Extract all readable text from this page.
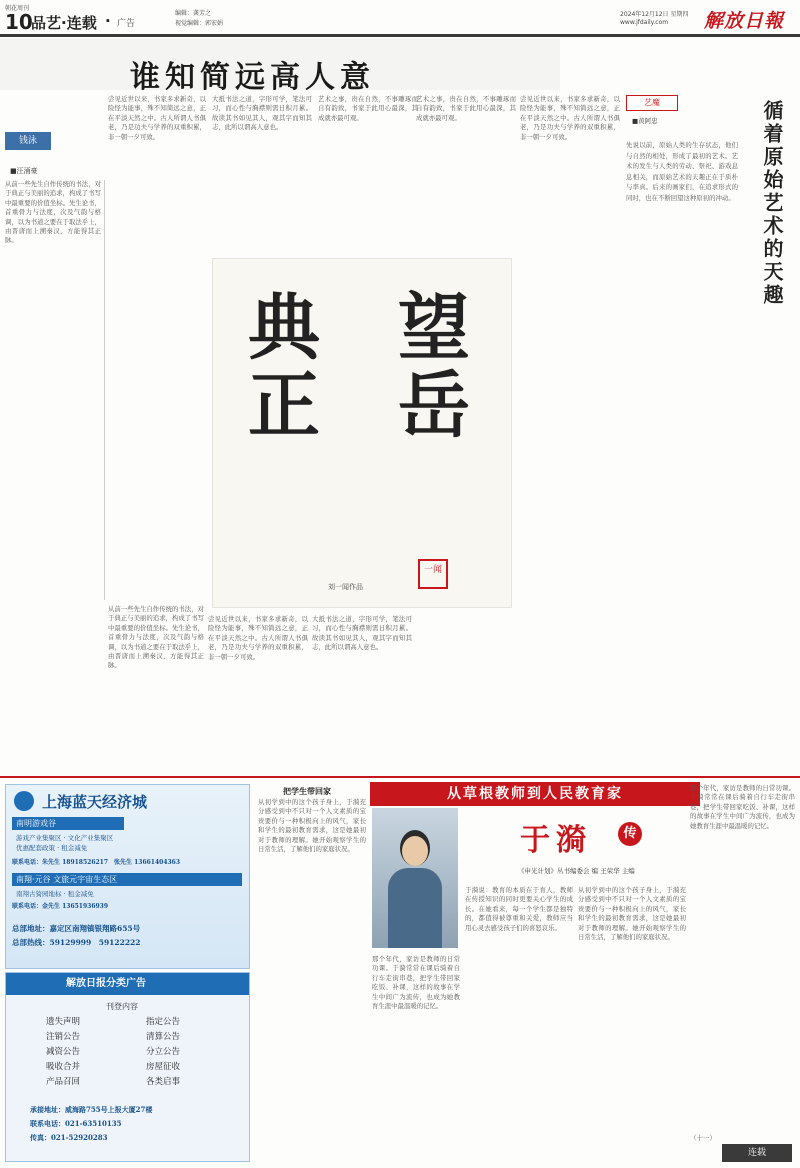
朝花周刊
10
品艺·连载 · 广告
编辑：龚芳之
视觉编辑：郭宏娟
2024年12月12日 星期四
www.jfdaily.com 解放日報
谁知简远高人意
钱泳
■汪涌豪
从前一些先生自作传统的书法，对于典正与美丽的追求，构成了书写中最重要的价值坐标。先生论书，首重骨力与法度，次及气韵与格调，以为书道之要在于取法乎上，由晋唐而上溯秦汉，方能得其正脉。
尝见近世以来，书家多求新奇，以险怪为能事，殊不知简远之意，正在平淡天然之中。古人所谓人书俱老，乃是功夫与学养的双重积累，非一朝一夕可致。
大抵书法之道，字形可学，笔法可习，而心性与胸襟则需日积月累。故读其书如见其人，观其字而知其志，此所以谓高人意也。
艺术之事，贵在自然，不事雕琢而自有韵致，书家于此用心最深，其成就亦最可观。
从前一些先生自作传统的书法，对于典正与美丽的追求，构成了书写中最重要的价值坐标。先生论书，首重骨力与法度，次及气韵与格调，以为书道之要在于取法乎上，由晋唐而上溯秦汉，方能得其正脉。
尝见近世以来，书家多求新奇，以险怪为能事，殊不知简远之意，正在平淡天然之中。古人所谓人书俱老，乃是功夫与学养的双重积累，非一朝一夕可致。
大抵书法之道，字形可学，笔法可习，而心性与胸襟则需日积月累。故读其书如见其人，观其字而知其志，此所以谓高人意也。
艺术之事，贵在自然，不事雕琢而自有韵致，书家于此用心最深，其成就亦最可观。
尝见近世以来，书家多求新奇，以险怪为能事，殊不知简远之意，正在平淡天然之中。古人所谓人书俱老，乃是功夫与学养的双重积累，非一朝一夕可致。
典正 望岳
一闻
刘一闻作品
艺魔
■黄阿忠	循着原始艺术的天趣
先说以前，原始人类的生存状态，他们与自然的相处，形成了最初的艺术。艺术的发生与人类的劳动、祭祀、游戏息息相关，而原始艺术的天趣正在于质朴与率真。后来的画家们，在追求形式的同时，也在不断回望这种原初的冲动。
上海蓝天经济城
南明游戏谷
游戏产业集聚区 · 文化产业集聚区
优惠配套政策 · 租金减免
联系电话：朱先生 18918526217　张先生 13661404363
南翔·元谷 文旅元宇宙生态区
南翔古猗园地标 · 租金减免
联系电话：金先生 13651936939
总部地址：嘉定区南翔镇银翔路655号
总部热线：59129999　59122222
解放日报分类广告
刊登内容
遗失声明
注销公告
减资公告
吸收合并
产品召回
指定公告
清算公告
分立公告
房屋征收
各类启事
承接地址：威海路755号上报大厦27楼
联系电话：021-63510135
传真：021-52920283
把学生带回家
从初学到中的这个孩子身上，于漪充分感受到中不只对一个人文素质的宝贵要价与一种积极向上的风气，家长和学生的最初教育需求，这是她最初对于教师的理解。她开始观察学生的日常生活，了解他们的家庭状况。
从草根教师到人民教育家
于漪	传
《申光计划》丛书编委会 编 王荣华 主编
于漪说：教育的本质在于育人，教师在传授知识的同时更要关心学生的成长。在她看来，每一个学生都是独特的，都值得被尊重和关爱，教师应当用心灵去感受孩子们的喜怒哀乐。
那个年代，家访是教师的日常功课。于漪常常在课后骑着自行车走街串巷，把学生带回家吃饭、补课，这样的故事在学生中间广为流传，也成为她教育生涯中最温暖的记忆。
从初学到中的这个孩子身上，于漪充分感受到中不只对一个人文素质的宝贵要价与一种积极向上的风气，家长和学生的最初教育需求，这是她最初对于教师的理解。她开始观察学生的日常生活，了解他们的家庭状况。
那个年代，家访是教师的日常功课。于漪常常在课后骑着自行车走街串巷，把学生带回家吃饭、补课，这样的故事在学生中间广为流传，也成为她教育生涯中最温暖的记忆。
（十一）
连载
